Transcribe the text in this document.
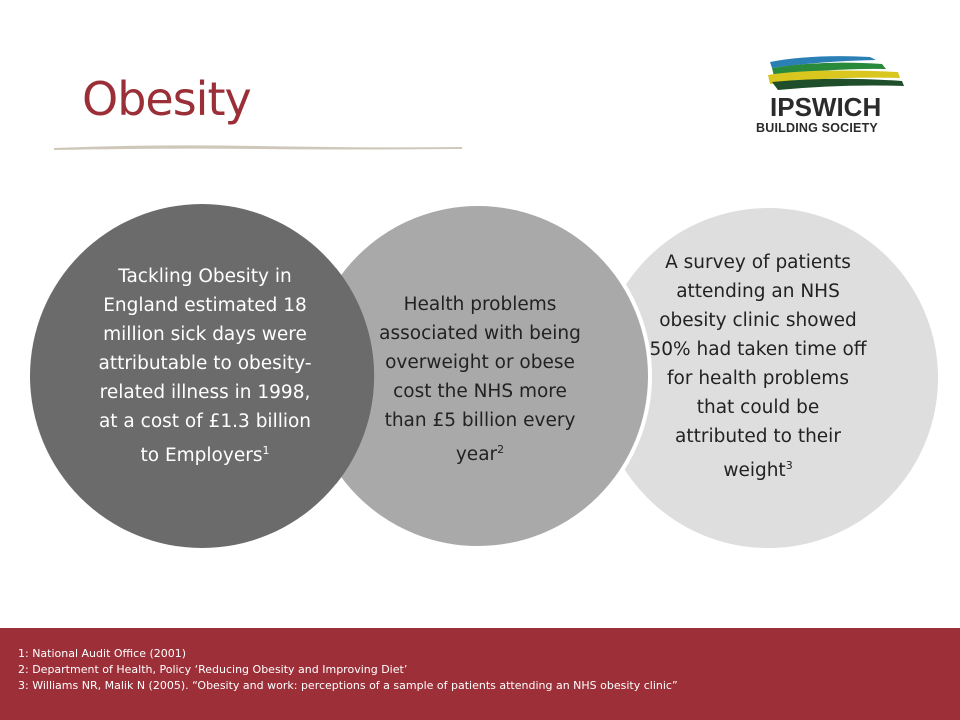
Obesity	IPSWICH

BUILDING SOCIETY

Tackling Obesity in England estimated 18 million sick days were attributable to obesity-related illness in 1998, at a cost of £1.3 billion to Employers$^1$
Health problems associated with being overweight or obese cost the NHS more than £5 billion every year$^2$
A survey of patients attending an NHS obesity clinic showed 50% had taken time off for health problems that could be attributed to their weight$^3$
1: National Audit Office (2001)
2: Department of Health, Policy ‘Reducing Obesity and Improving Diet’
3: Williams NR, Malik N (2005). “Obesity and work: perceptions of a sample of patients attending an NHS obesity clinic”
